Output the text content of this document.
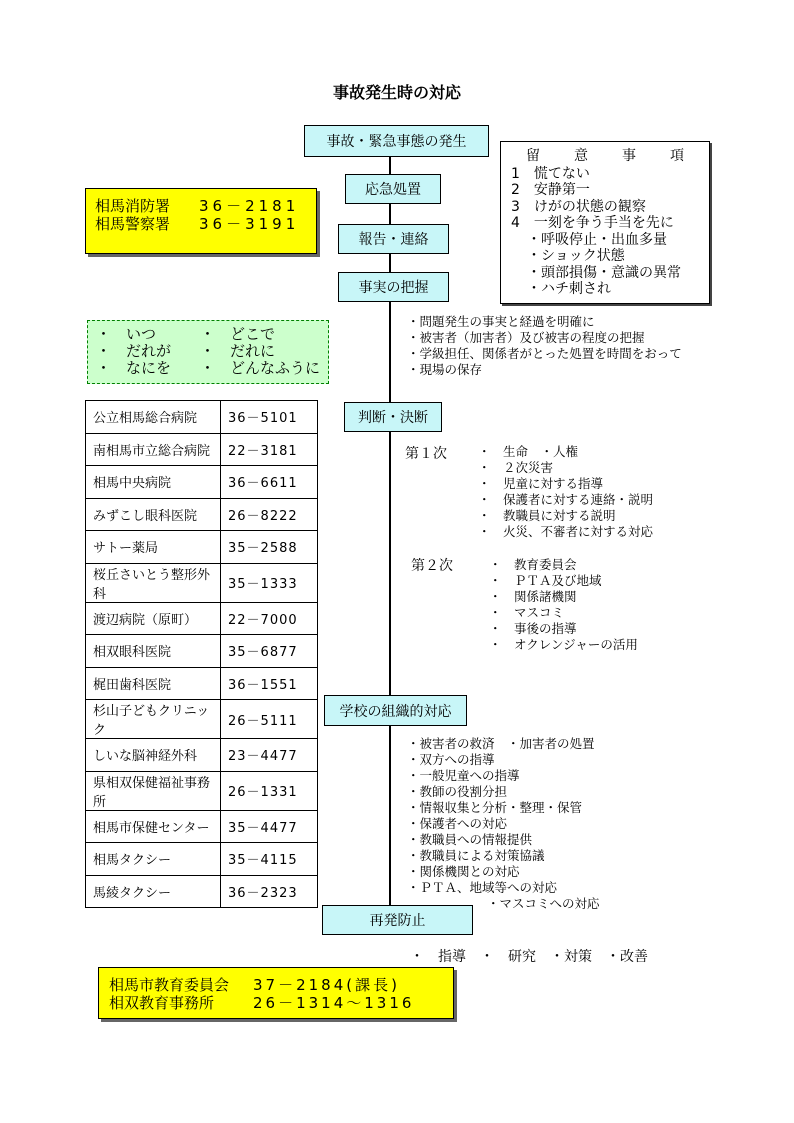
事故発生時の対応
事故・緊急事態の発生
応急処置
報告・連絡
事実の把握
判断・決断
学校の組織的対応
再発防止
相馬消防署	36－2181
相馬警察署	36－3191
留　意　事　項
1　慌てない
2　安静第一
3　けがの状態の観察
4　一刻を争う手当を先に
・呼吸停止・出血多量
・ショック状態
・頭部損傷・意識の異常
・ハチ刺され
・　いつ	・　どこで
・　だれが	・　だれに
・　なにを	・　どんなふうに
・問題発生の事実と経過を明確に
・被害者（加害者）及び被害の程度の把握
・学級担任、関係者がとった処置を時間をおって
・現場の保存
公立相馬総合病院	36－5101
南相馬市立総合病院	22－3181
相馬中央病院	36－6611
みずこし眼科医院	26－8222
サトー薬局	35－2588
桜丘さいとう整形外科	35－1333
渡辺病院（原町）	22－7000
相双眼科医院	35－6877
梶田歯科医院	36－1551
杉山子どもクリニック	26－5111
しいな脳神経外科	23－4477
県相双保健福祉事務所	26－1331
相馬市保健センター	35－4477
相馬タクシー	35－4115
馬綾タクシー	36－2323
第１次 ・　生命　・人権
・　２次災害
・　児童に対する指導
・　保護者に対する連絡・説明
・　教職員に対する説明
・　火災、不審者に対する対応
第２次	・　教育委員会
・　ＰＴＡ及び地域
・　関係諸機関
・　マスコミ
・　事後の指導
・　オクレンジャーの活用
・被害者の救済　・加害者の処置
・双方への指導
・一般児童への指導
・教師の役割分担
・情報収集と分析・整理・保管
・保護者への対応
・教職員への情報提供
・教職員による対策協議
・関係機関との対応
・ＰＴＡ、地域等への対応
・マスコミへの対応
・　指導　・　研究　・対策　・改善
相馬市教育委員会	37－2184(課長)
相双教育事務所	26－1314～1316
